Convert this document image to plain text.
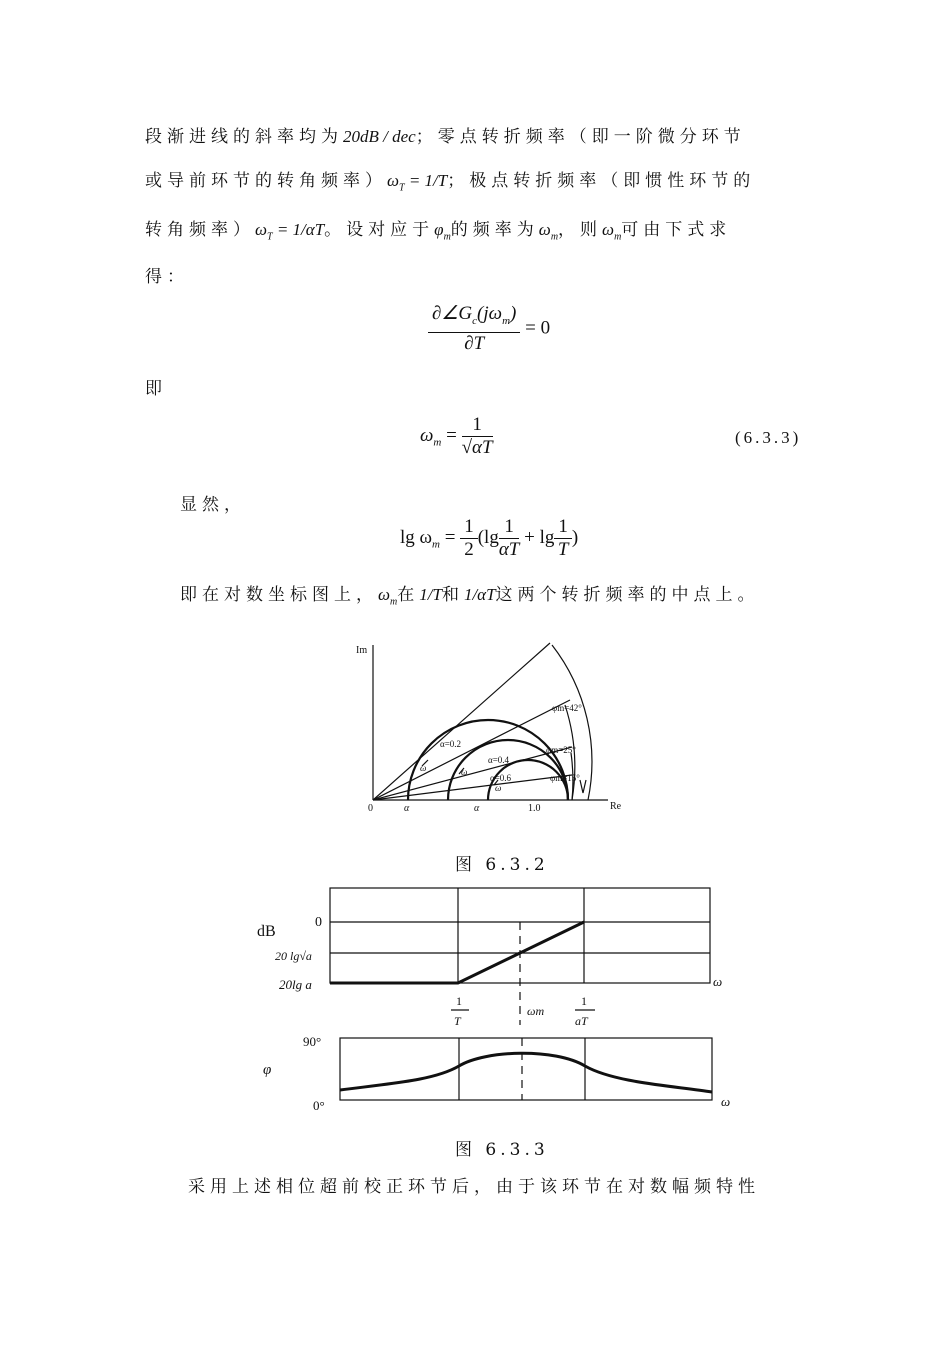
段渐进线的斜率均为20dB / dec；零点转折频率（即一阶微分环节
或导前环节的转角频率）$\omega_T = 1/T$；极点转折频率（即惯性环节的
转角频率）$\omega_T = 1/\alpha T$。设对应于$\varphi_m$的频率为$\omega_m$，则$\omega_m$可由下式求
得：
$\frac{\partial\angle G_c(j\omega_m)}{\partial T} = 0$
即
$\omega_m = \frac{1}{√\alpha T}$	(6.3.3)
显然，
$\lg \omega_m = \frac{1}{2} (\lg \frac{1}{\alpha T} + \lg \frac{1}{T}$ )
即在对数坐标图上，$\omega_m$在1/T和1/αT这两个转折频率的中点上。
Im
Re
0	1.0
α	α
α=0.2
α=0.4
α=0.6
φm=42°
φm=25°
φm=15°
ω	ω
ω
图 6.3.2
dB
0
20 lg√a
20lg a	ω
1
T
ωm
1
aT
90°
φ
0°	ω
图 6.3.3
采用上述相位超前校正环节后，由于该环节在对数幅频特性
